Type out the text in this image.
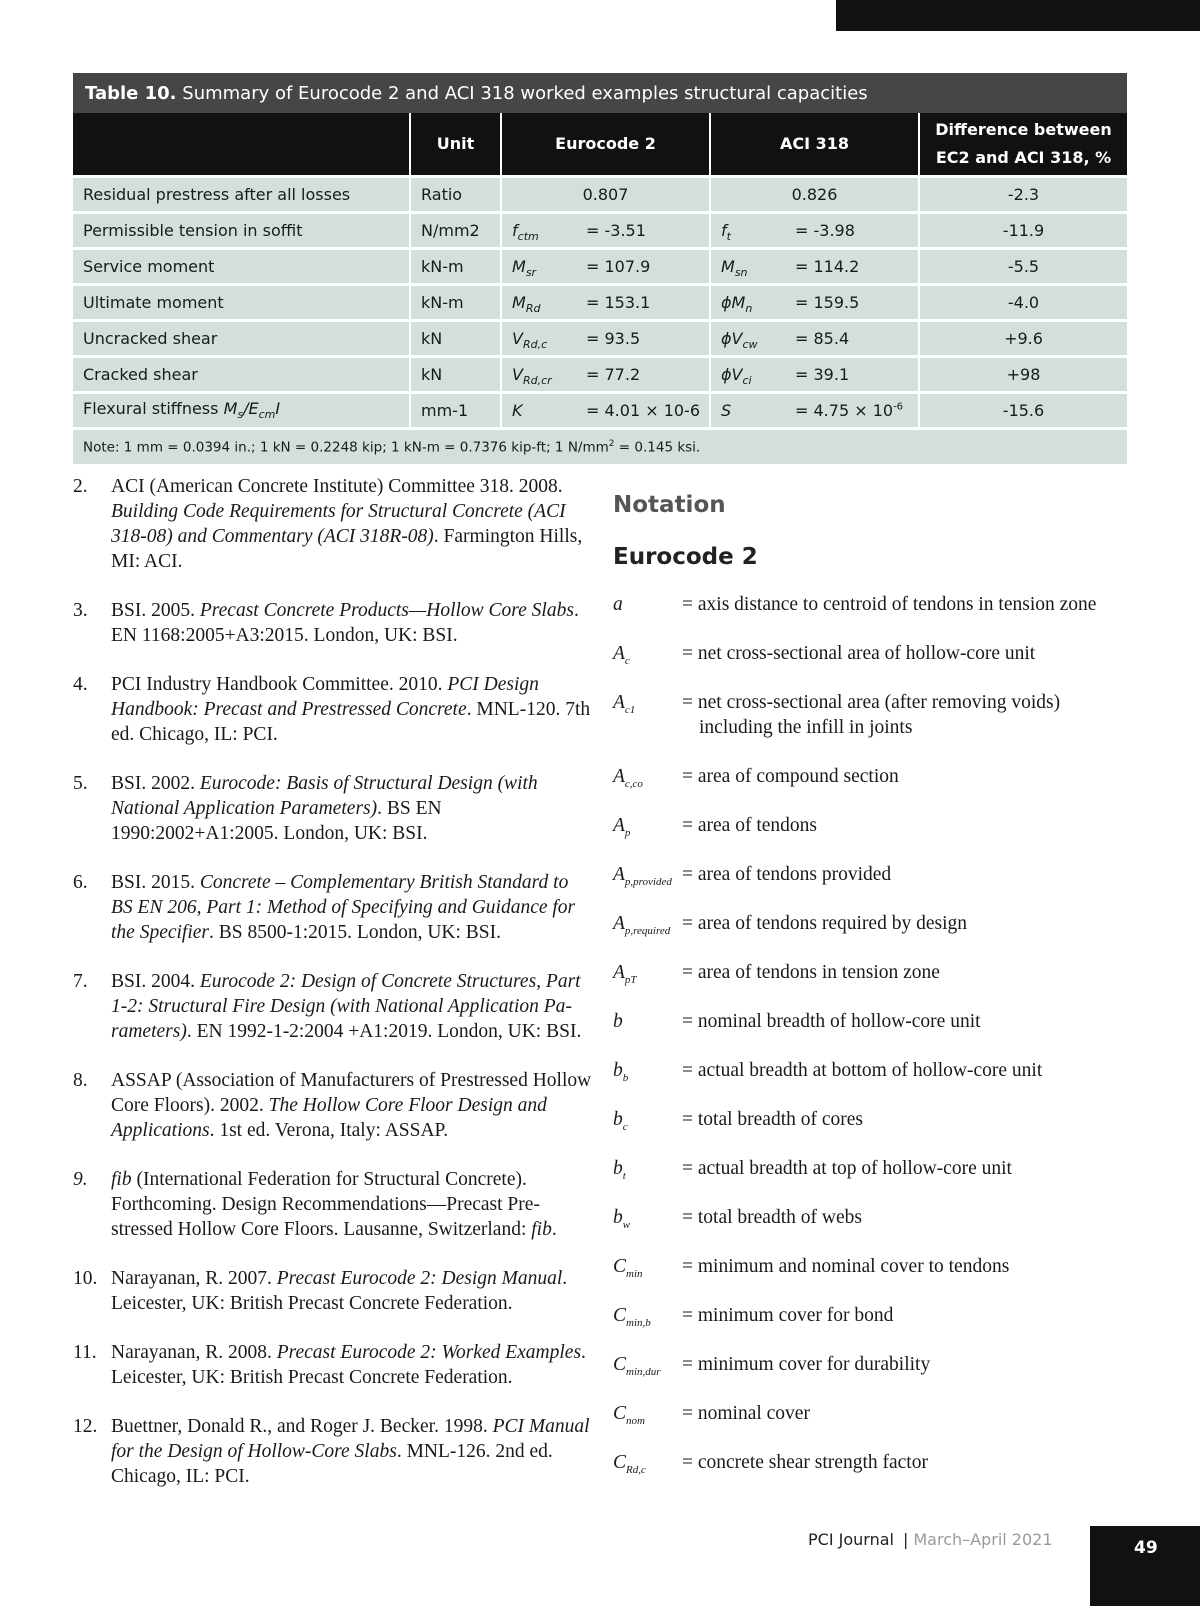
Table 10. Summary of Eurocode 2 and ACI 318 worked examples structural capacities
	Unit	Eurocode 2	ACI 318	Difference between
EC2 and ACI 318, %
Residual prestress after all losses	Ratio	0.807	0.826	-2.3
Permissible tension in soffit	N/mm2	$f_{ctm} = -3.51$	$f_t = -3.98$	-11.9
Service moment	kN-m	$M_{sr} = 107.9$	$M_{sn} = 114.2$	-5.5
Ultimate moment	kN-m	$M_{Rd} = 153.1$	$\phi M_n = 159.5$	-4.0
Uncracked shear	kN	$V_{Rd,c} = 93.5$	$\phi V_{cw} = 85.4$	+9.6
Cracked shear	kN	$V_{Rd,cr} = 77.2$	$\phi V_{ci} = 39.1$	+98
Flexural stiffness $M_s/E_{cm}I$	mm-1	K = 4.01 × 10-6	$S = 4.75 \times 10^{-6}$	-15.6
Note: 1 mm = 0.0394 in.; 1 kN = 0.2248 kip; 1 kN-m = 0.7376 kip-ft; 1 $N/mm^2 = 0.145$ ksi.				
2. ACI (American Concrete Institute) Committee 318. 2008. Building Code Requirements for Structural Concrete (ACI 318-08) and Commentary (ACI 318R-08). Farmington Hills, MI: ACI.
3. BSI. 2005. Precast Concrete Products—Hollow Core Slabs. EN 1168:2005+A3:2015. London, UK: BSI.
4. PCI Industry Handbook Committee. 2010. PCI Design Handbook: Precast and Prestressed Concrete. MNL-120. 7th ed. Chicago, IL: PCI.
5. BSI. 2002. Eurocode: Basis of Structural Design (with National Application Parameters). BS EN 1990:2002+A1:2005. London, UK: BSI.
6. BSI. 2015. Concrete – Complementary British Standard to BS EN 206, Part 1: Method of Specifying and Guidance for the Specifier. BS 8500-1:2015. London, UK: BSI.
7. BSI. 2004. Eurocode 2: Design of Concrete Structures, Part 1-2: Structural Fire Design (with National Application Parameters). EN 1992-1-2:2004 +A1:2019. London, UK: BSI.
8. ASSAP (Association of Manufacturers of Prestressed Hollow Core Floors). 2002. The Hollow Core Floor Design and Applications. 1st ed. Verona, Italy: ASSAP.
9. fib (International Federation for Structural Concrete). Forthcoming. Design Recommendations—Precast Prestressed Hollow Core Floors. Lausanne, Switzerland: fib.
10. Narayanan, R. 2007. Precast Eurocode 2: Design Manual. Leicester, UK: British Precast Concrete Federation.
11. Narayanan, R. 2008. Precast Eurocode 2: Worked Examples. Leicester, UK: British Precast Concrete Federation.
12. Buettner, Donald R., and Roger J. Becker. 1998. PCI Manual for the Design of Hollow-Core Slabs. MNL-126. 2nd ed. Chicago, IL: PCI.
Notation
Eurocode 2
a	= axis distance to centroid of tendons in tension zone
$A_c$	= net cross-sectional area of hollow-core unit
$A_{c1}$ = net cross-sectional area (after removing voids) including the infill in joints
$A_{c,co}$ = area of compound section
$A_p$	= area of tendons
$A_{p,provided}$ = area of tendons provided
$A_{p,required}$ = area of tendons required by design
$A_{pT}$ = area of tendons in tension zone
b	= nominal breadth of hollow-core unit
$b_b$	= actual breadth at bottom of hollow-core unit
$b_c$	= total breadth of cores
$b_t$	= actual breadth at top of hollow-core unit
$b_w$	= total breadth of webs
$C_{min}$ = minimum and nominal cover to tendons
$C_{min,b}$ = minimum cover for bond
$C_{min,dur}$ = minimum cover for durability
$C_{nom}$ = nominal cover
$C_{Rd,c}$ = concrete shear strength factor
PCI Journal | March–April 2021	49
